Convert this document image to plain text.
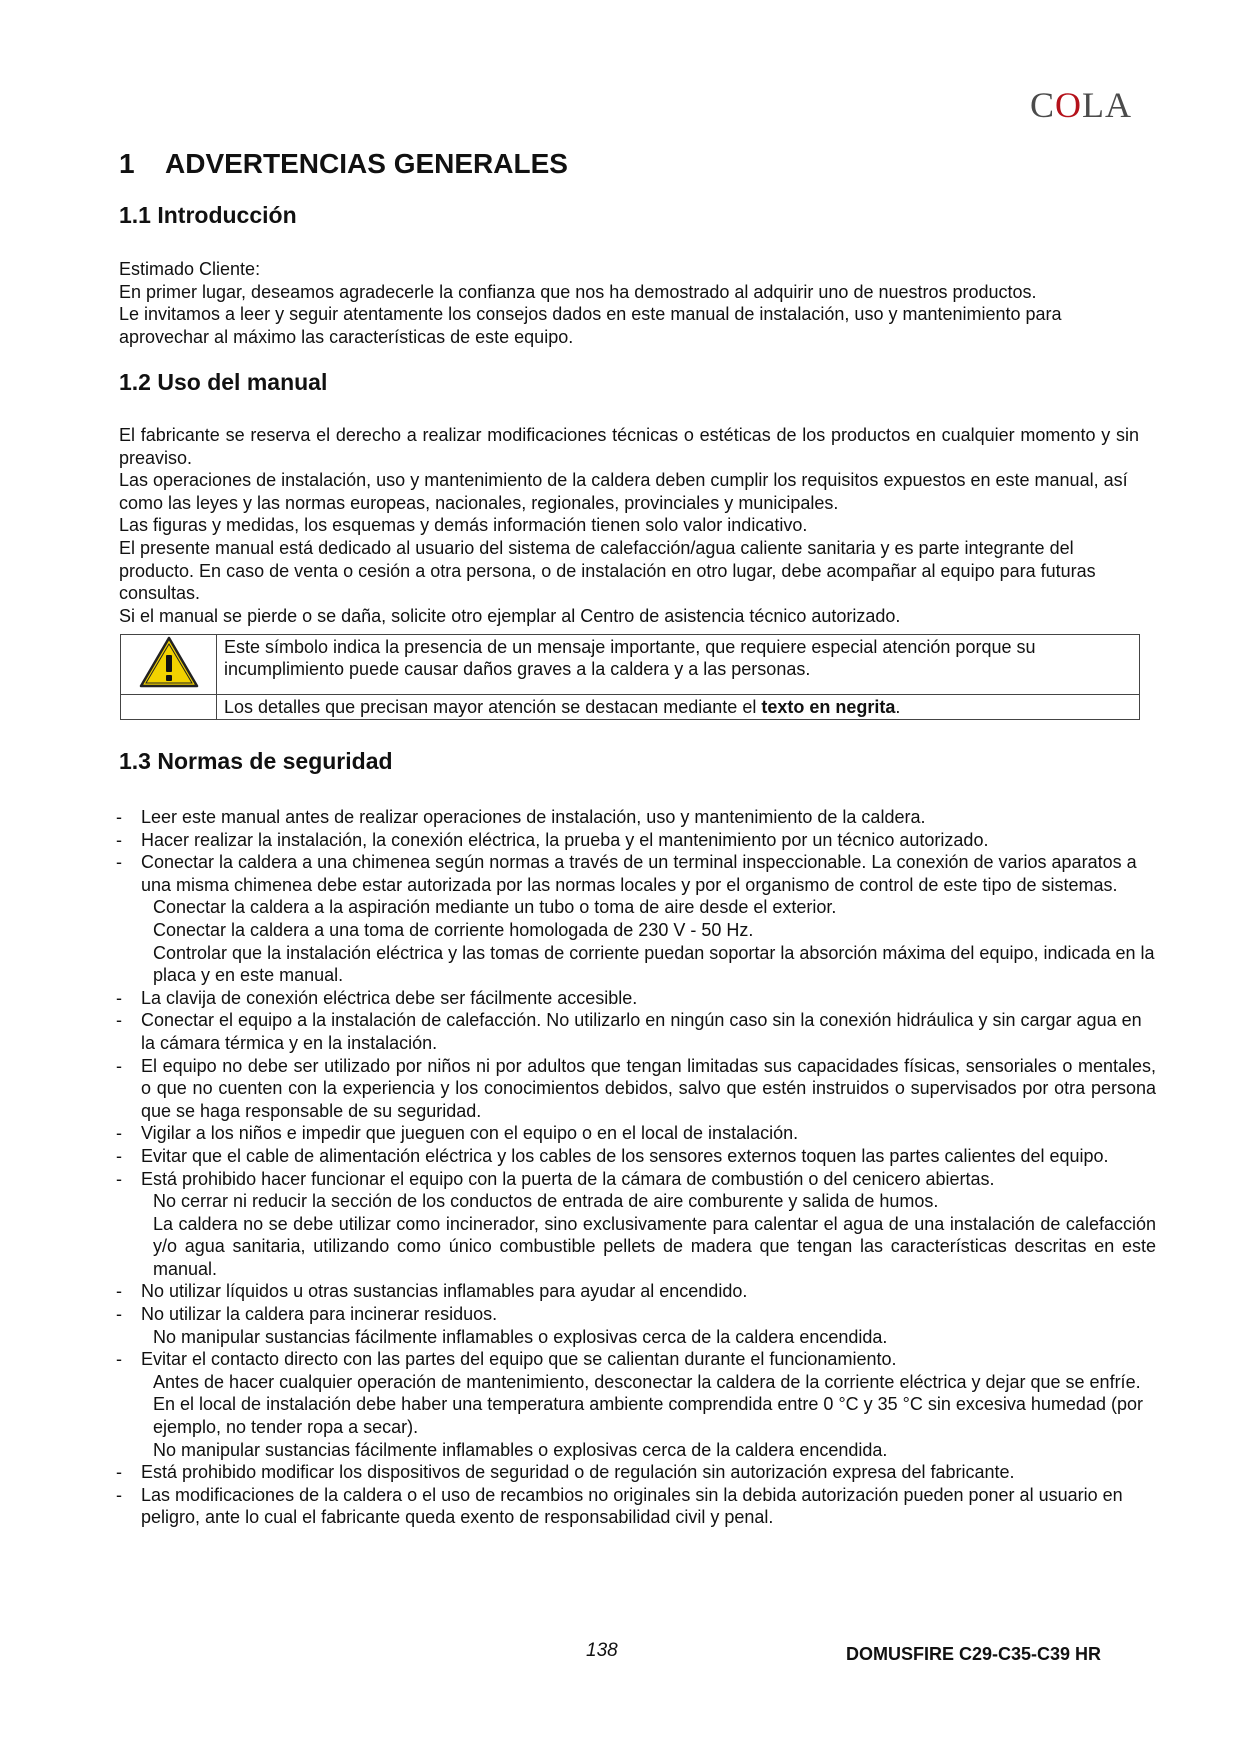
COLA
1 ADVERTENCIAS GENERALES
1.1 Introducción

Estimado Cliente:

En primer lugar, deseamos agradecerle la confianza que nos ha demostrado al adquirir uno de nuestros productos.

Le invitamos a leer y seguir atentamente los consejos dados en este manual de instalación, uso y mantenimiento para aprovechar al máximo las características de este equipo.

1.2 Uso del manual

El fabricante se reserva el derecho a realizar modificaciones técnicas o estéticas de los productos en cualquier momento y sin preaviso.

Las operaciones de instalación, uso y mantenimiento de la caldera deben cumplir los requisitos expuestos en este manual, así como las leyes y las normas europeas, nacionales, regionales, provinciales y municipales.

Las figuras y medidas, los esquemas y demás información tienen solo valor indicativo.

El presente manual está dedicado al usuario del sistema de calefacción/agua caliente sanitaria y es parte integrante del producto. En caso de venta o cesión a otra persona, o de instalación en otro lugar, debe acompañar al equipo para futuras consultas.

Si el manual se pierde o se daña, solicite otro ejemplar al Centro de asistencia técnico autorizado.

	Este símbolo indica la presencia de un mensaje importante, que requiere especial atención porque su incumplimiento puede causar daños graves a la caldera y a las personas.
	Los detalles que precisan mayor atención se destacan mediante el texto en negrita.
1.3 Normas de seguridad
- Leer este manual antes de realizar operaciones de instalación, uso y mantenimiento de la caldera.
- Hacer realizar la instalación, la conexión eléctrica, la prueba y el mantenimiento por un técnico autorizado.
- Conectar la caldera a una chimenea según normas a través de un terminal inspeccionable. La conexión de varios aparatos a una misma chimenea debe estar autorizada por las normas locales y por el organismo de control de este tipo de sistemas.
Conectar la caldera a la aspiración mediante un tubo o toma de aire desde el exterior.
Conectar la caldera a una toma de corriente homologada de 230 V - 50 Hz.
Controlar que la instalación eléctrica y las tomas de corriente puedan soportar la absorción máxima del equipo, indicada en la placa y en este manual.
- La clavija de conexión eléctrica debe ser fácilmente accesible.
- Conectar el equipo a la instalación de calefacción. No utilizarlo en ningún caso sin la conexión hidráulica y sin cargar agua en la cámara térmica y en la instalación.
- El equipo no debe ser utilizado por niños ni por adultos que tengan limitadas sus capacidades físicas, sensoriales o mentales, o que no cuenten con la experiencia y los conocimientos debidos, salvo que estén instruidos o supervisados por otra persona que se haga responsable de su seguridad.
- Vigilar a los niños e impedir que jueguen con el equipo o en el local de instalación.
- Evitar que el cable de alimentación eléctrica y los cables de los sensores externos toquen las partes calientes del equipo.
- Está prohibido hacer funcionar el equipo con la puerta de la cámara de combustión o del cenicero abiertas.
No cerrar ni reducir la sección de los conductos de entrada de aire comburente y salida de humos.
La caldera no se debe utilizar como incinerador, sino exclusivamente para calentar el agua de una instalación de calefacción y/o agua sanitaria, utilizando como único combustible pellets de madera que tengan las características descritas en este manual.
- No utilizar líquidos u otras sustancias inflamables para ayudar al encendido.
- No utilizar la caldera para incinerar residuos.
No manipular sustancias fácilmente inflamables o explosivas cerca de la caldera encendida.
- Evitar el contacto directo con las partes del equipo que se calientan durante el funcionamiento.
Antes de hacer cualquier operación de mantenimiento, desconectar la caldera de la corriente eléctrica y dejar que se enfríe.
En el local de instalación debe haber una temperatura ambiente comprendida entre 0 °C y 35 °C sin excesiva humedad (por ejemplo, no tender ropa a secar).
No manipular sustancias fácilmente inflamables o explosivas cerca de la caldera encendida.
- Está prohibido modificar los dispositivos de seguridad o de regulación sin autorización expresa del fabricante.
- Las modificaciones de la caldera o el uso de recambios no originales sin la debida autorización pueden poner al usuario en peligro, ante lo cual el fabricante queda exento de responsabilidad civil y penal.
138	DOMUSFIRE C29-C35-C39 HR
